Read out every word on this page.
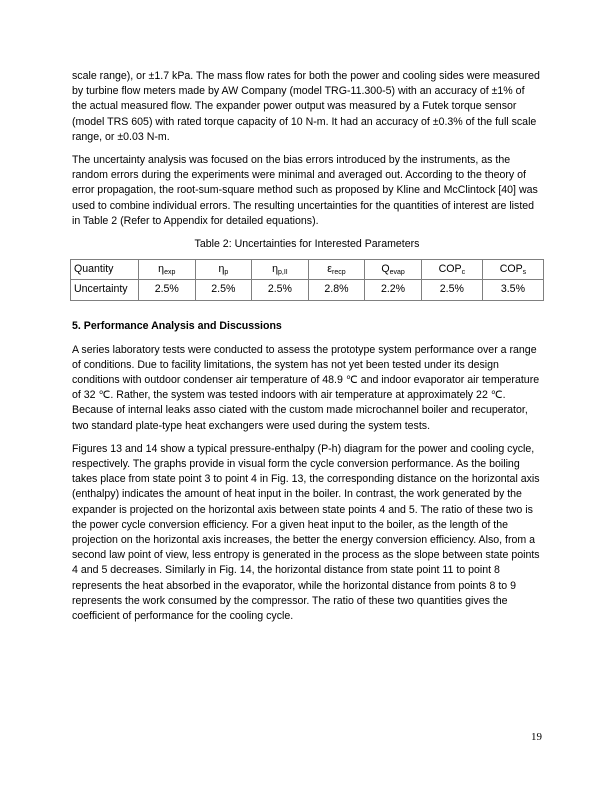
scale range), or ±1.7 kPa. The mass flow rates for both the power and cooling sides were measured by turbine flow meters made by AW Company (model TRG-11.300-5) with an accuracy of ±1% of the actual measured flow. The expander power output was measured by a Futek torque sensor (model TRS 605) with rated torque capacity of 10 N-m. It had an accuracy of ±0.3% of the full scale range, or ±0.03 N-m.

The uncertainty analysis was focused on the bias errors introduced by the instruments, as the random errors during the experiments were minimal and averaged out. According to the theory of error propagation, the root-sum-square method such as proposed by Kline and McClintock [40] was used to combine individual errors. The resulting uncertainties for the quantities of interest are listed in Table 2 (Refer to Appendix for detailed equations).

Table 2: Uncertainties for Interested Parameters
Quantity	$\eta_{exp}$	$\eta_p$	$\eta_{p,II}$	$\varepsilon_{recp}$	$Q_{evap}$	$COP_c$	$COP_s$
Uncertainty	2.5%	2.5%	2.5%	2.8%	2.2%	2.5%	3.5%
5. Performance Analysis and Discussions

A series laboratory tests were conducted to assess the prototype system performance over a range of conditions. Due to facility limitations, the system has not yet been tested under its design conditions with outdoor condenser air temperature of 48.9 ℃ and indoor evaporator air temperature of 32 ℃. Rather, the system was tested indoors with air temperature at approximately 22 ℃. Because of internal leaks asso ciated with the custom made microchannel boiler and recuperator, two standard plate-type heat exchangers were used during the system tests.

Figures 13 and 14 show a typical pressure-enthalpy (P-h) diagram for the power and cooling cycle, respectively. The graphs provide in visual form the cycle conversion performance. As the boiling takes place from state point 3 to point 4 in Fig. 13, the corresponding distance on the horizontal axis (enthalpy) indicates the amount of heat input in the boiler. In contrast, the work generated by the expander is projected on the horizontal axis between state points 4 and 5. The ratio of these two is the power cycle conversion efficiency. For a given heat input to the boiler, as the length of the projection on the horizontal axis increases, the better the energy conversion efficiency. Also, from a second law point of view, less entropy is generated in the process as the slope between state points 4 and 5 decreases. Similarly in Fig. 14, the horizontal distance from state point 11 to point 8 represents the heat absorbed in the evaporator, while the horizontal distance from points 8 to 9 represents the work consumed by the compressor. The ratio of these two quantities gives the coefficient of performance for the cooling cycle.

19
